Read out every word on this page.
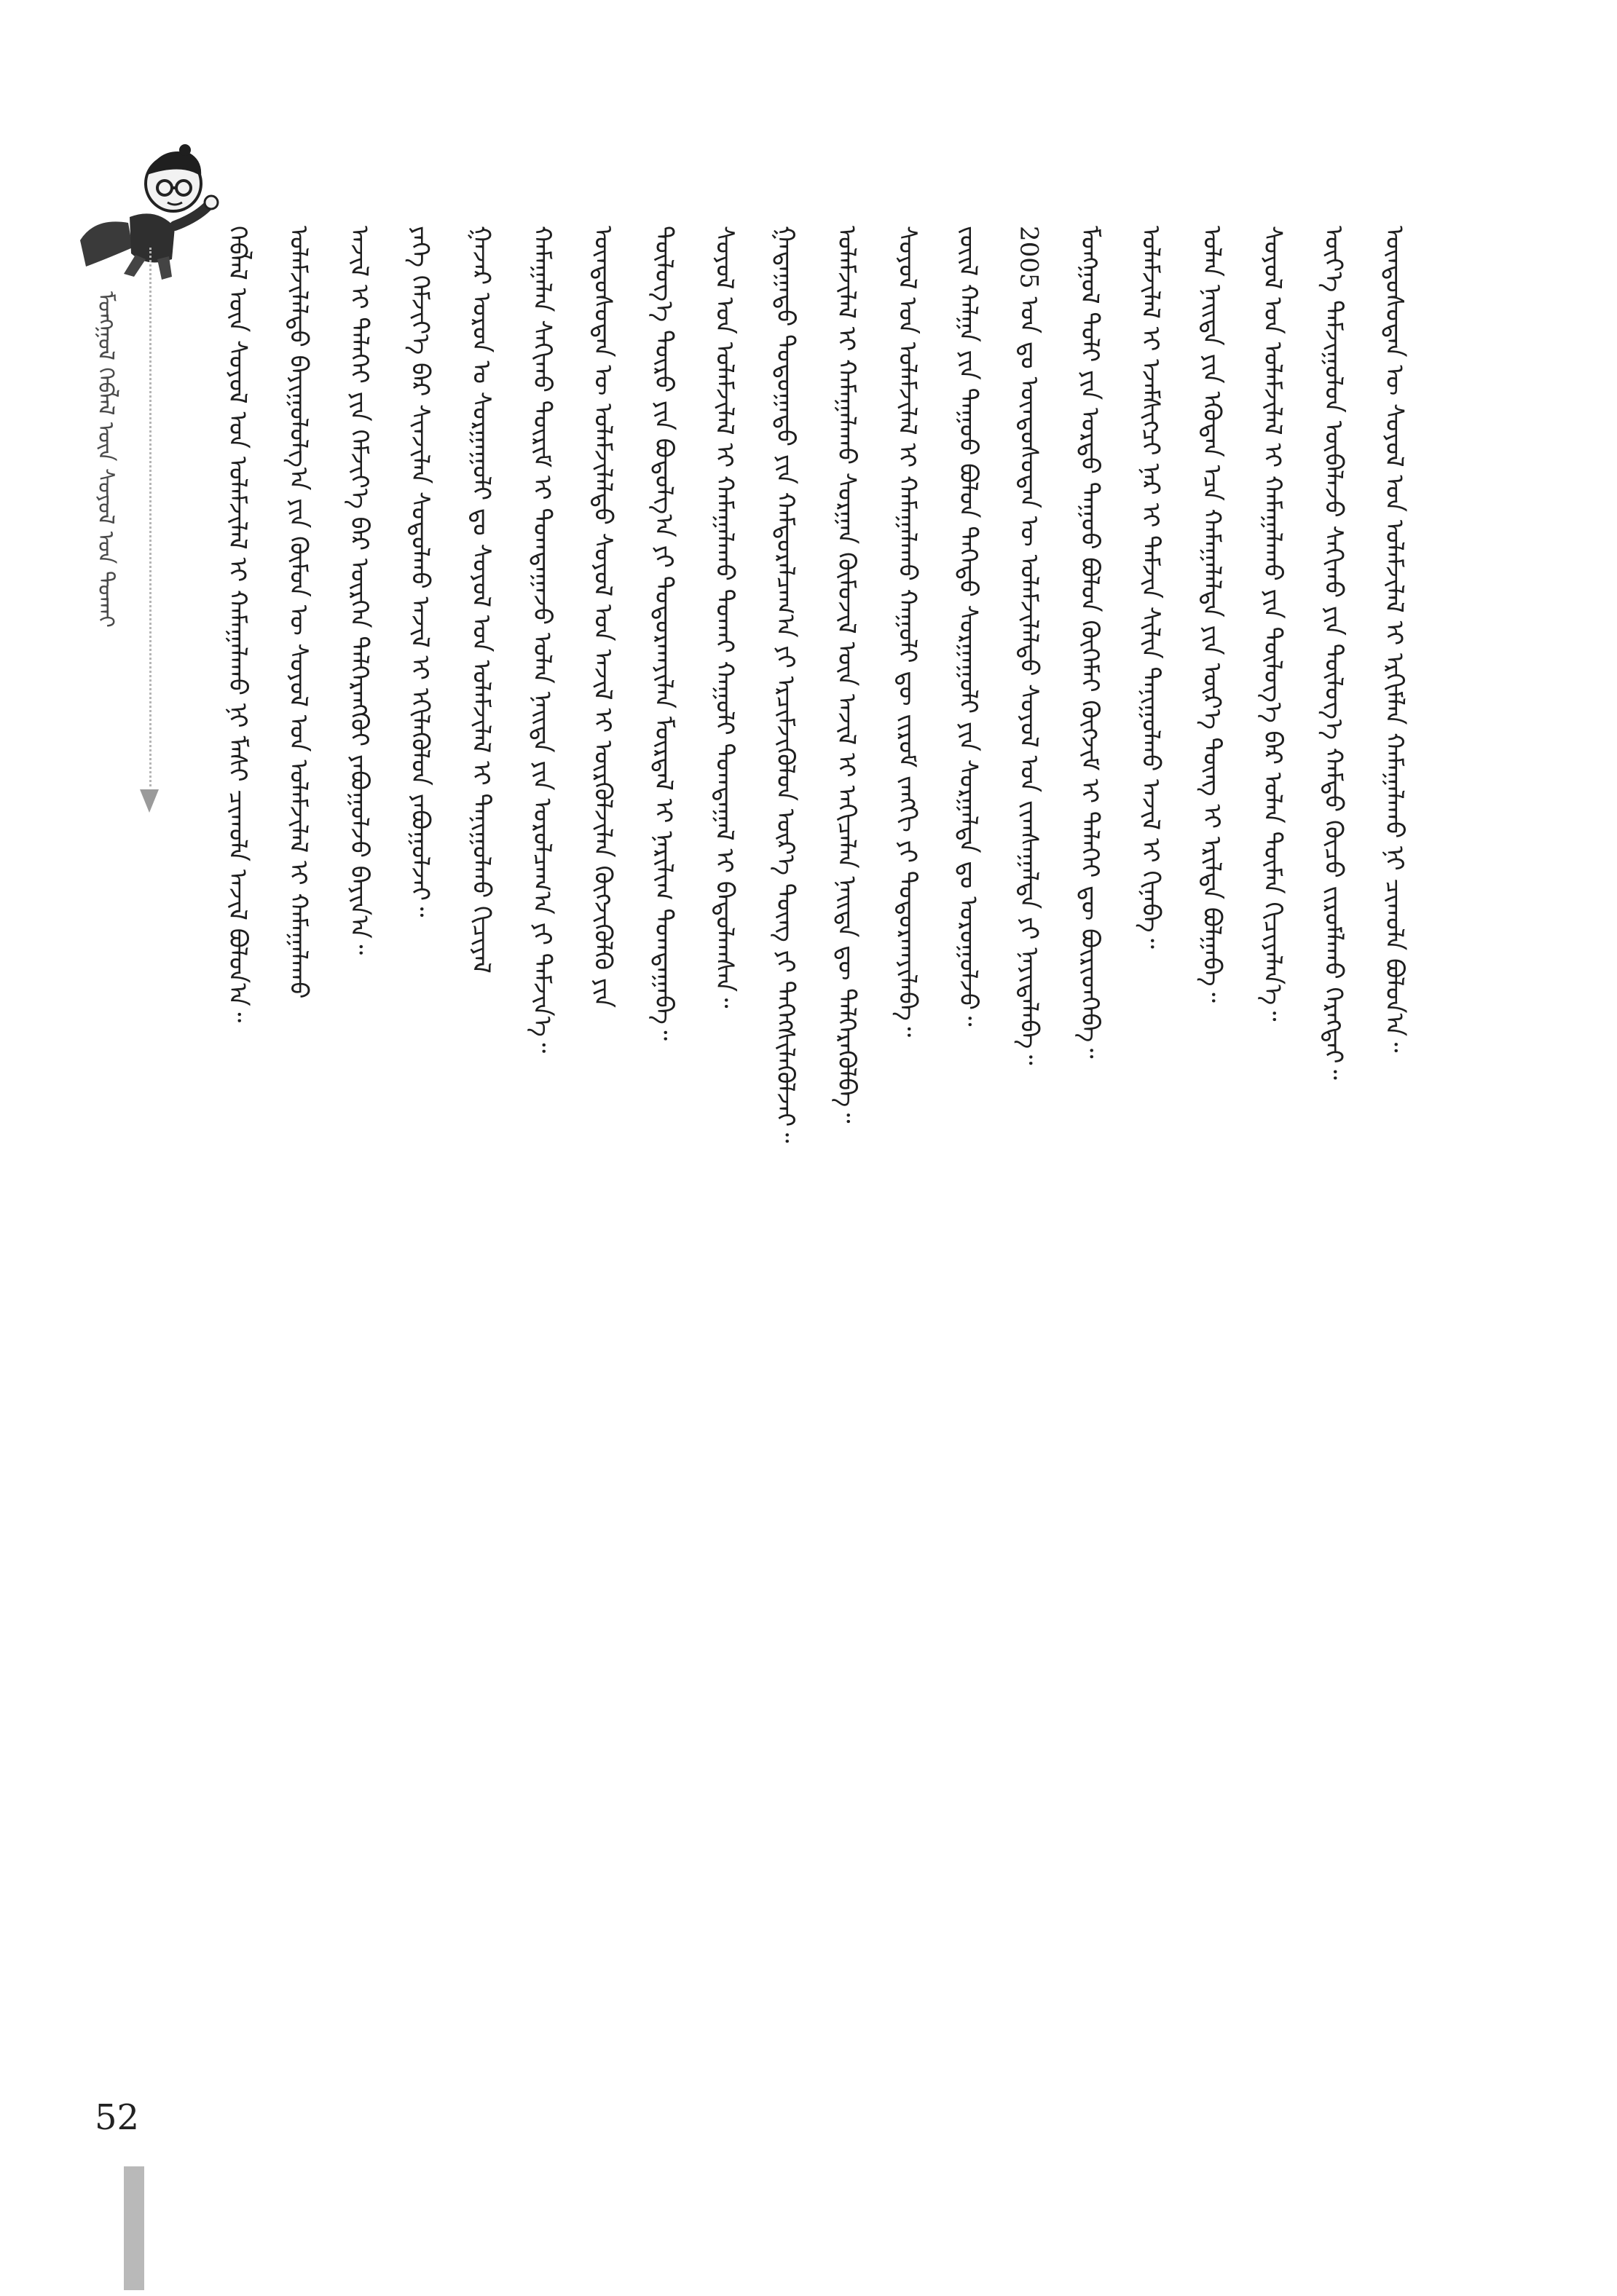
ᠮᠣᠩᠭᠣᠯ ᠬᠡᠪᠯᠡᠯ ᠦᠨ ᠰᠣᠶᠣᠯ ᠤᠨ ᠲᠤᠬᠠᠢ	ᠬᠡᠪᠯᠡᠯ ᠦᠨ ᠰᠣᠶᠣᠯ ᠤᠨ ᠤᠯᠠᠮᠵᠢᠯᠠᠯ ᠢ ᠬᠠᠮᠠᠭᠠᠯᠠᠬᠤ ᠨᠢ ᠮᠠᠰᠢ ᠴᠢᠬᠤᠯᠠ ᠠᠵᠢᠯ ᠪᠣᠯᠤᠨ᠎ᠠ᠃ ᠤᠯᠠᠮᠵᠢᠯᠠᠯᠲᠤ ᠪᠠᠶᠢᠭᠤᠯᠤᠯᠭ᠎ᠠ ᠶᠢᠨ ᠬᠦᠮᠦᠨ ᠦ ᠰᠣᠶᠣᠯ ᠤᠨ ᠤᠯᠠᠮᠵᠢᠯᠠᠯ ᠢ ᠬᠠᠮᠠᠭᠠᠯᠠᠬᠤ ᠠᠵᠢᠯ ᠢ ᠳᠡᠯᠡᠬᠡᠢ ᠶᠢᠨ ᠬᠡᠮᠵᠢᠶ᠎ᠡ ᠪᠡᠷ ᠥᠷᠭᠡᠨ ᠳᠡᠯᠭᠡᠷᠡᠩᠭᠦᠢ ᠶᠠᠪᠤᠭᠤᠯᠵᠤ ᠪᠠᠶᠢᠨ᠎ᠠ᠃ ᠶᠡᠬᠡ ᠬᠡᠮᠵᠢᠶ᠎ᠡ ᠪᠡᠷ ᠰᠢᠨᠵᠢᠯᠡᠨ ᠰᠤᠳᠤᠯᠬᠤ ᠠᠵᠢᠯ ᠢ ᠡᠬᠢᠯᠡᠭᠦᠯᠦᠨ ᠶᠠᠪᠤᠭᠤᠯᠵᠠᠢ᠃ ᠭᠠᠵᠠᠷ ᠤᠷᠤᠨ ᠤ ᠰᠤᠷᠭᠠᠭᠤᠯᠢ ᠳᠤ ᠰᠣᠶᠣᠯ ᠤᠨ ᠤᠯᠠᠮᠵᠢᠯᠠᠯ ᠢ ᠲᠠᠨᠢᠭᠤᠯᠬᠤ ᠬᠢᠴᠢᠶᠡᠯ ᠬᠠᠮᠠᠭᠠᠯᠠᠨ ᠰᠠᠬᠢᠬᠤ ᠳᠦᠷᠢᠮ ᠢ ᠲᠣᠭᠲᠠᠭᠠᠵᠤ ᠣᠯᠠᠨ ᠨᠡᠢᠲᠡ ᠶᠢᠨ ᠣᠷᠣᠯᠴᠠᠭ᠎ᠠ ᠶᠢ ᠳᠡᠮᠵᠢᠨ᠎ᠡ᠃ ᠦᠨᠳᠦᠰᠦᠲᠡᠨ ᠦ ᠤᠯᠠᠮᠵᠢᠯᠠᠯᠲᠤ ᠰᠣᠶᠣᠯ ᠤᠨ ᠠᠵᠢᠯ ᠢ ᠦᠷᠭᠦᠯᠵᠢᠯᠡᠨ ᠬᠥᠭᠵᠢᠭᠦᠯᠬᠦ ᠶᠢᠨ ᠲᠥᠯᠥᠭ᠎ᠡ ᠲᠥᠷᠥ ᠶᠢᠨ ᠪᠣᠳᠣᠯᠭ᠎ᠠ ᠶᠢ ᠲᠣᠳᠣᠷᠬᠠᠶᠢᠯᠠᠨ ᠮᠥᠷᠳᠡᠯ ᠢ ᠨᠠᠷᠢᠯᠢᠭ ᠲᠣᠭᠲᠠᠭᠠᠪᠠ᠃ ᠰᠣᠶᠣᠯ ᠤᠨ ᠤᠯᠠᠮᠵᠢᠯᠠᠯ ᠢ ᠬᠠᠮᠠᠭᠠᠯᠠᠬᠤ ᠲᠤᠬᠠᠢ ᠬᠠᠭᠤᠯᠢ ᠲᠣᠭᠲᠠᠭᠠᠯ ᠢ ᠪᠠᠲᠤᠯᠠᠭᠰᠠᠨ᠃ ᠭᠠᠳᠠᠭᠠᠳᠤ ᠳᠣᠲᠣᠭᠠᠳᠤ ᠶᠢᠨ ᠬᠠᠮᠲᠤᠷᠠᠯᠴᠠᠭ᠎ᠠ ᠶᠢ ᠡᠷᠴᠢᠮᠵᠢᠭᠦᠯᠦᠨ ᠦᠷ᠎ᠡ ᠳᠦᠩ ᠶᠢ ᠳᠡᠭᠡᠭᠰᠢᠯᠡᠭᠦᠯᠵᠡᠢ᠃ ᠤᠯᠠᠮᠵᠢᠯᠠᠯ ᠢ ᠬᠠᠮᠠᠭᠠᠯᠠᠬᠤ ᠰᠤᠷᠭᠠᠨ ᠬᠥᠮᠦᠵᠢᠯ ᠦᠨ ᠠᠵᠢᠯ ᠢ ᠠᠬᠢᠴᠠᠯᠠᠨ ᠨᠡᠢᠲᠡ ᠳᠦ ᠳᠡᠯᠭᠡᠷᠡᠭᠦᠯᠪᠡ᠃ ᠰᠣᠶᠣᠯ ᠤᠨ ᠤᠯᠠᠮᠵᠢᠯᠠᠯ ᠢ ᠬᠠᠮᠠᠭᠠᠯᠠᠬᠤ ᠬᠠᠭᠤᠯᠢ ᠳᠦ ᠵᠢᠷᠤᠮ ᠵᠠᠩᠭᠢ ᠶᠢ ᠲᠣᠳᠣᠷᠬᠠᠶᠢᠯᠠᠪᠠ᠃ ᠵᠦᠢᠯ ᠬᠠᠯᠭᠠ ᠶᠢᠨ ᠳᠠᠭᠤᠤ ᠪᠣᠯᠤᠨ ᠳᠡᠭᠡᠳᠦ ᠰᠤᠷᠭᠠᠭᠤᠯᠢ ᠶᠢᠨ ᠰᠤᠷᠭᠠᠯᠲᠠ ᠳᠤ ᠣᠷᠣᠭᠤᠯᠵᠤ᠃ 2005 ᠣᠨ ᠳᠤ ᠦᠨᠳᠦᠰᠦᠲᠡᠨ ᠦ ᠤᠯᠠᠮᠵᠢᠯᠠᠯᠲᠤ ᠰᠣᠶᠣᠯ ᠤᠨ ᠵᠢᠭᠰᠠᠭᠠᠯᠲᠠ ᠶᠢ ᠨᠡᠶᠢᠲᠡᠯᠡᠪᠡ᠃ ᠮᠣᠩᠭᠣᠯ ᠲᠣᠯᠢ ᠶᠢᠨ ᠤᠷᠲᠤ ᠳᠠᠭᠤᠤ ᠪᠣᠯᠤᠨ ᠬᠥᠭᠡᠮᠡᠢ ᠬᠥᠭᠵᠢᠮ ᠢ ᠳᠡᠯᠡᠬᠡᠢ ᠳᠦ ᠪᠦᠷᠢᠳᠬᠡᠪᠡ᠃ ᠤᠯᠠᠮᠵᠢᠯᠠᠯ ᠢ ᠡᠵᠡᠮᠰᠢᠭᠴᠢ ᠨᠠᠷ ᠢ ᠳᠡᠮᠵᠢᠨ ᠰᠢᠯᠢᠨ ᠲᠠᠨᠢᠭᠤᠯᠬᠤ ᠠᠵᠢᠯ ᠢ ᠬᠢᠨᠠᠪᠠ᠃ ᠣᠯᠠᠨ ᠨᠡᠢᠲᠡ ᠶᠢᠨ ᠡᠭᠦᠳᠡᠨ ᠡᠴᠡ ᠬᠠᠮᠠᠭᠠᠯᠠᠯᠲᠠ ᠶᠢᠨ ᠦᠷ᠎ᠡ ᠳᠦᠩ ᠢ ᠡᠷᠢᠯᠲᠡ ᠪᠣᠯᠭᠠᠪᠠ᠃ ᠰᠣᠶᠣᠯ ᠤᠨ ᠤᠯᠠᠮᠵᠢᠯᠠᠯ ᠢ ᠬᠠᠮᠠᠭᠠᠯᠠᠬᠤ ᠶᠢᠨ ᠲᠥᠯᠥᠭ᠎ᠡ ᠪᠠᠷ ᠣᠯᠠᠨ ᠲᠦᠮᠡᠨ ᠬᠢᠴᠢᠶᠡᠯᠡᠨ᠎ᠡ᠃ ᠦᠶ᠎ᠡ ᠳᠠᠮᠵᠢᠭᠤᠯᠤᠨ ᠥᠪᠡᠯᠡᠵᠦ ᠰᠠᠬᠢᠬᠤ ᠶᠢᠨ ᠲᠥᠯᠥᠭ᠎ᠡ ᠬᠠᠮᠲᠤ ᠬᠦᠴᠦ ᠵᠢᠷᠤᠮᠯᠠᠬᠤ ᠬᠡᠷᠡᠭᠲᠡᠢ᠃ ᠦᠨᠳᠦᠰᠦᠲᠡᠨ ᠦ ᠰᠣᠶᠣᠯ ᠤᠨ ᠤᠯᠠᠮᠵᠢᠯᠠᠯ ᠢ ᠡᠷᠬᠢᠮᠯᠡᠨ ᠬᠠᠮᠠᠭᠠᠯᠠᠬᠤ ᠨᠢ ᠴᠢᠬᠤᠯᠠ ᠪᠣᠯᠤᠨ᠎ᠠ᠃
52
